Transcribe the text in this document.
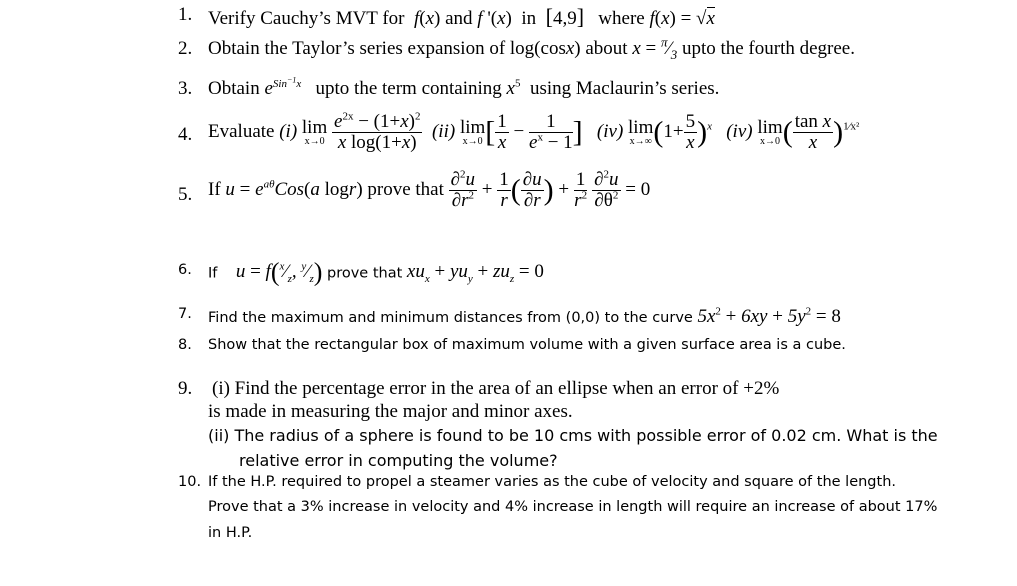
1. Verify Cauchy’s MVT for  f(x) and f '(x)  in [4,9] where f(x) = √x
2. Obtain the Taylor’s series expansion of log(cosx) about $x = ^\pi⁄_3$ upto the fourth degree.
3. Obtain $e^{Sin^{-1}x}$ upto the term containing $x^5$ using Maclaurin’s series.
4. Evaluate (i) lim
x→0
$\frac{e^{2x} - (1+x)^2}{\text{x log(1+x)}} (ii)$ lim
x→0 [ $\frac{1}{x} - \frac{1}{e^x - 1}$ ] (iv) lim
x→∞ $(1+ \frac{5}{x} )^x$ (iv) lim
x→0 ( $\frac{\text{tan x}}{x} )^{1⁄x^2}$
5. If $u = e^{a\theta}Cos(a$ logr) prove that $\frac{\partial^2u}{\partial r^2} + \frac{1}{r}$ ( $\frac{\partial u}{\partial r}$ ) + $\frac{1}{r^2}$
$\frac{\partial^2u}{\partial\theta^2} = 0$
6. If $u = f(^x⁄_z$, $^y⁄_z$) prove that $xu_x + yu_y + zu_z = 0$
7. Find the maximum and minimum distances from (0,0) to the curve $5x^2 + 6xy + 5y^2 = 8$
8. Show that the rectangular box of maximum volume with a given surface area is a cube.
9. (i) Find the percentage error in the area of an ellipse when an error of +2%
is made in measuring the major and minor axes.
(ii) The radius of a sphere is found to be 10 cms with possible error of 0.02 cm. What is the
relative error in computing the volume?
10. If the H.P. required to propel a steamer varies as the cube of velocity and square of the length.
Prove that a 3% increase in velocity and 4% increase in length will require an increase of about 17%
in H.P.
